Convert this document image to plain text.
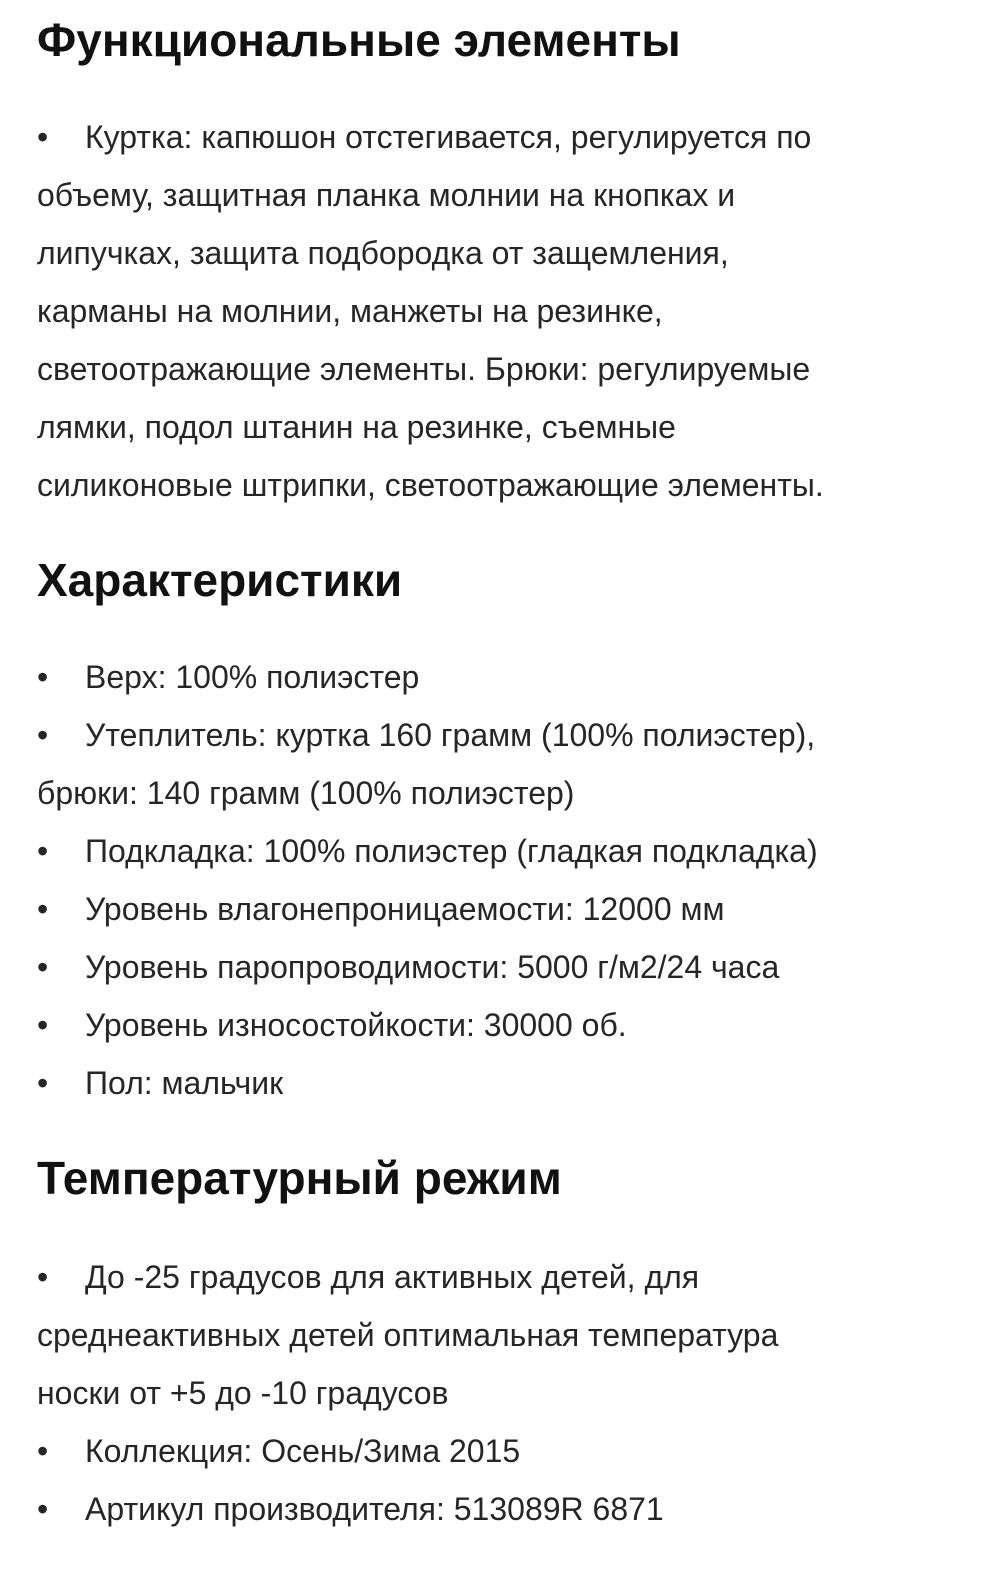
Функциональные элементы
• Куртка: капюшон отстегивается, регулируется по
объему, защитная планка молнии на кнопках и
липучках, защита подбородка от защемления,
карманы на молнии, манжеты на резинке,
светоотражающие элементы. Брюки: регулируемые
лямки, подол штанин на резинке, съемные
силиконовые штрипки, светоотражающие элементы.
Характеристики
• Верх: 100% полиэстер
• Утеплитель: куртка 160 грамм (100% полиэстер),
брюки: 140 грамм (100% полиэстер)
• Подкладка: 100% полиэстер (гладкая подкладка)
• Уровень влагонепроницаемости: 12000 мм
• Уровень паропроводимости: 5000 г/м2/24 часа
• Уровень износостойкости: 30000 об.
• Пол: мальчик
Температурный режим
• До -25 градусов для активных детей, для
среднеактивных детей оптимальная температура
носки от +5 до -10 градусов
• Коллекция: Осень/Зима 2015
• Артикул производителя: 513089R 6871
